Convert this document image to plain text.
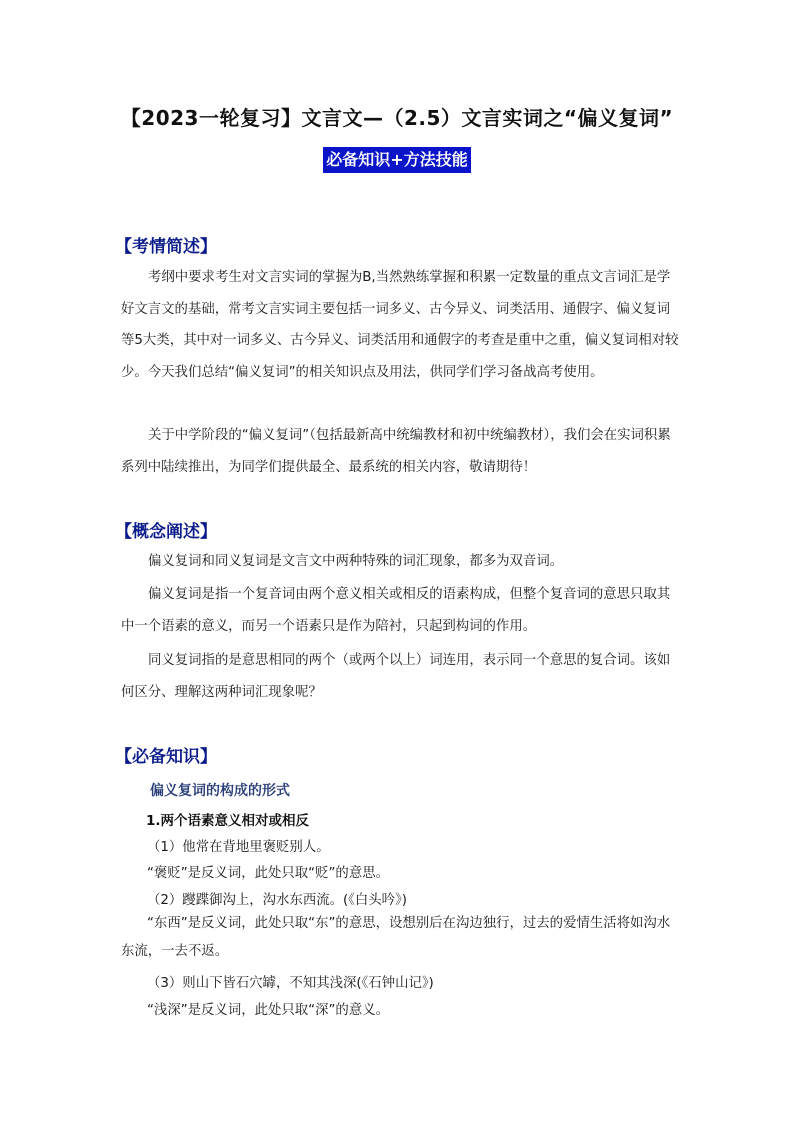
【2023一轮复习】文言文—（2.5）文言实词之“偏义复词”
必备知识+方法技能
【考情简述】

考纲中要求考生对文言实词的掌握为B,当然熟练掌握和积累一定数量的重点文言词汇是学好文言文的基础，常考文言实词主要包括一词多义、古今异义、词类活用、通假字、偏义复词等5大类，其中对一词多义、古今异义、词类活用和通假字的考查是重中之重，偏义复词相对较少。今天我们总结“偏义复词”的相关知识点及用法，供同学们学习备战高考使用。

关于中学阶段的“偏义复词”（包括最新高中统编教材和初中统编教材），我们会在实词积累系列中陆续推出，为同学们提供最全、最系统的相关内容，敬请期待！

【概念阐述】

偏义复词和同义复词是文言文中两种特殊的词汇现象，都多为双音词。

偏义复词是指一个复音词由两个意义相关或相反的语素构成，但整个复音词的意思只取其中一个语素的意义，而另一个语素只是作为陪衬，只起到构词的作用。

同义复词指的是意思相同的两个（或两个以上）词连用，表示同一个意思的复合词。该如何区分、理解这两种词汇现象呢？

【必备知识】
偏义复词的构成的形式
1.两个语素意义相对或相反
（1）他常在背地里褒贬别人。
“褒贬”是反义词，此处只取“贬”的意思。
（2）躞蹀御沟上，沟水东西流。(《白头吟》)
“东西”是反义词，此处只取“东”的意思，设想别后在沟边独行，过去的爱情生活将如沟水东流，一去不返。
（3）则山下皆石穴罅，不知其浅深(《石钟山记》)
“浅深”是反义词，此处只取“深”的意义。
